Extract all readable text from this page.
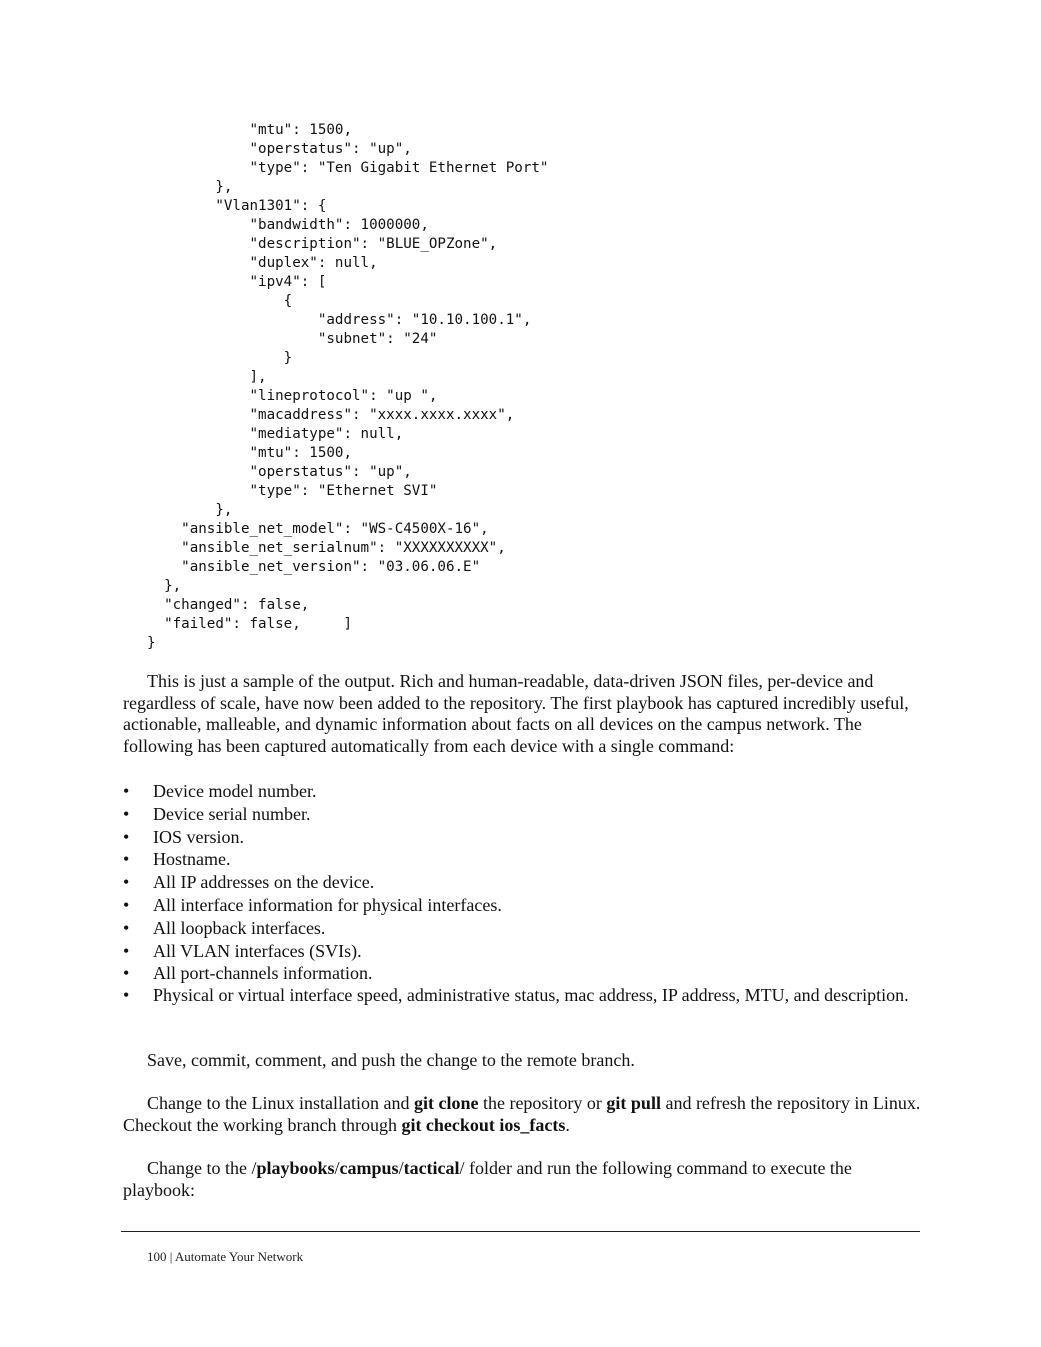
"mtu": 1500,
"operstatus": "up",
"type": "Ten Gigabit Ethernet Port"
},
"Vlan1301": {
"bandwidth": 1000000,
"description": "BLUE_OPZone",
"duplex": null,
"ipv4": [
{
"address": "10.10.100.1",
"subnet": "24"
}
],
"lineprotocol": "up ",
"macaddress": "xxxx.xxxx.xxxx",
"mediatype": null,
"mtu": 1500,
"operstatus": "up",
"type": "Ethernet SVI"
},
"ansible_net_model": "WS-C4500X-16",
"ansible_net_serialnum": "XXXXXXXXXX",
"ansible_net_version": "03.06.06.E"
},
"changed": false,
"failed": false,     ]
}

This is just a sample of the output. Rich and human-readable, data-driven JSON files, per-device and regardless of scale, have now been added to the repository. The first playbook has captured incredibly useful, actionable, malleable, and dynamic information about facts on all devices on the campus network. The following has been captured automatically from each device with a single command:

•	Device model number.
•	Device serial number.
•	IOS version.
•	Hostname.
•	All IP addresses on the device.
•	All interface information for physical interfaces.
•	All loopback interfaces.
•	All VLAN interfaces (SVIs).
•	All port-channels information.
•	Physical or virtual interface speed, administrative status, mac address, IP address, MTU, and description.

Save, commit, comment, and push the change to the remote branch.

Change to the Linux installation and git clone the repository or git pull and refresh the repository in Linux. Checkout the working branch through git checkout ios_facts.

Change to the /playbooks/campus/tactical/ folder and run the following command to execute the playbook:

100 | Automate Your Network
